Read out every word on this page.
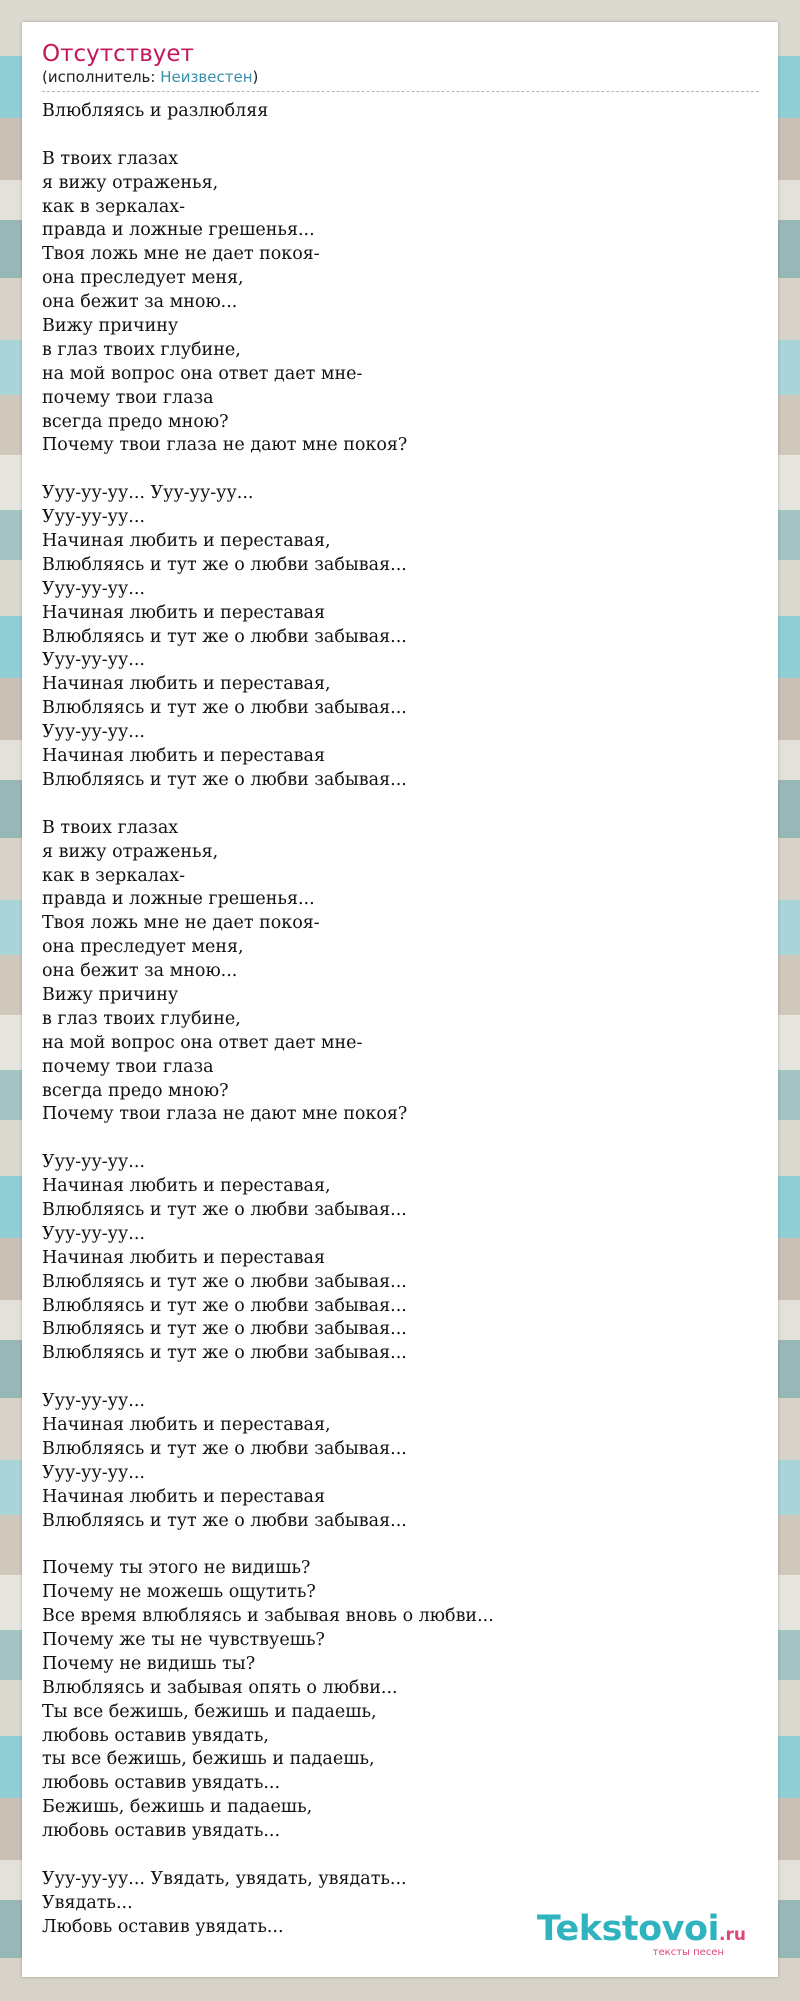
Отсутствует
(исполнитель: Неизвестен)
Влюбляясь и разлюбляя
В твоих глазах
я вижу отраженья,
как в зеркалах-
правда и ложные грешенья...
Твоя ложь мне не дает покоя-
она преследует меня,
она бежит за мною...
Вижу причину
в глаз твоих глубине,
на мой вопрос она ответ дает мне-
почему твои глаза
всегда предо мною?
Почему твои глаза не дают мне покоя?
Ууу-уу-уу... Ууу-уу-уу...
Ууу-уу-уу...
Начиная любить и переставая,
Влюбляясь и тут же о любви забывая...
Ууу-уу-уу...
Начиная любить и переставая
Влюбляясь и тут же о любви забывая...
Ууу-уу-уу...
Начиная любить и переставая,
Влюбляясь и тут же о любви забывая...
Ууу-уу-уу...
Начиная любить и переставая
Влюбляясь и тут же о любви забывая...
В твоих глазах
я вижу отраженья,
как в зеркалах-
правда и ложные грешенья...
Твоя ложь мне не дает покоя-
она преследует меня,
она бежит за мною...
Вижу причину
в глаз твоих глубине,
на мой вопрос она ответ дает мне-
почему твои глаза
всегда предо мною?
Почему твои глаза не дают мне покоя?
Ууу-уу-уу...
Начиная любить и переставая,
Влюбляясь и тут же о любви забывая...
Ууу-уу-уу...
Начиная любить и переставая
Влюбляясь и тут же о любви забывая...
Влюбляясь и тут же о любви забывая...
Влюбляясь и тут же о любви забывая...
Влюбляясь и тут же о любви забывая...
Ууу-уу-уу...
Начиная любить и переставая,
Влюбляясь и тут же о любви забывая...
Ууу-уу-уу...
Начиная любить и переставая
Влюбляясь и тут же о любви забывая...
Почему ты этого не видишь?
Почему не можешь ощутить?
Все время влюбляясь и забывая вновь о любви...
Почему же ты не чувствуешь?
Почему не видишь ты?
Влюбляясь и забывая опять о любви...
Ты все бежишь, бежишь и падаешь,
любовь оставив увядать,
ты все бежишь, бежишь и падаешь,
любовь оставив увядать...
Бежишь, бежишь и падаешь,
любовь оставив увядать...
Ууу-уу-уу... Увядать, увядать, увядать...
Увядать...
Любовь оставив увядать...	Tekstovoi.ru
тексты песен
